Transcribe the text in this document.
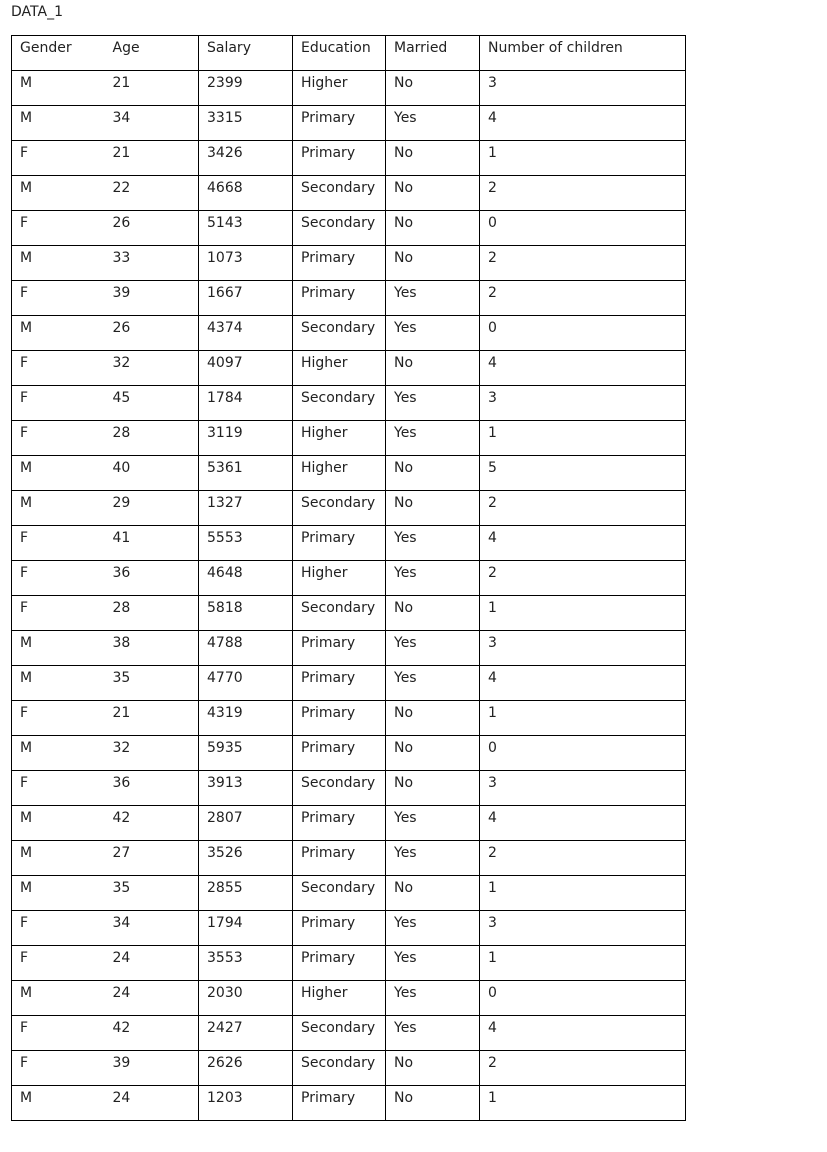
DATA_1
Gender	Age	Salary	Education	Married	Number of children
M	21	2399	Higher	No	3
M	34	3315	Primary	Yes	4
F	21	3426	Primary	No	1
M	22	4668	Secondary	No	2
F	26	5143	Secondary	No	0
M	33	1073	Primary	No	2
F	39	1667	Primary	Yes	2
M	26	4374	Secondary	Yes	0
F	32	4097	Higher	No	4
F	45	1784	Secondary	Yes	3
F	28	3119	Higher	Yes	1
M	40	5361	Higher	No	5
M	29	1327	Secondary	No	2
F	41	5553	Primary	Yes	4
F	36	4648	Higher	Yes	2
F	28	5818	Secondary	No	1
M	38	4788	Primary	Yes	3
M	35	4770	Primary	Yes	4
F	21	4319	Primary	No	1
M	32	5935	Primary	No	0
F	36	3913	Secondary	No	3
M	42	2807	Primary	Yes	4
M	27	3526	Primary	Yes	2
M	35	2855	Secondary	No	1
F	34	1794	Primary	Yes	3
F	24	3553	Primary	Yes	1
M	24	2030	Higher	Yes	0
F	42	2427	Secondary	Yes	4
F	39	2626	Secondary	No	2
M	24	1203	Primary	No	1
